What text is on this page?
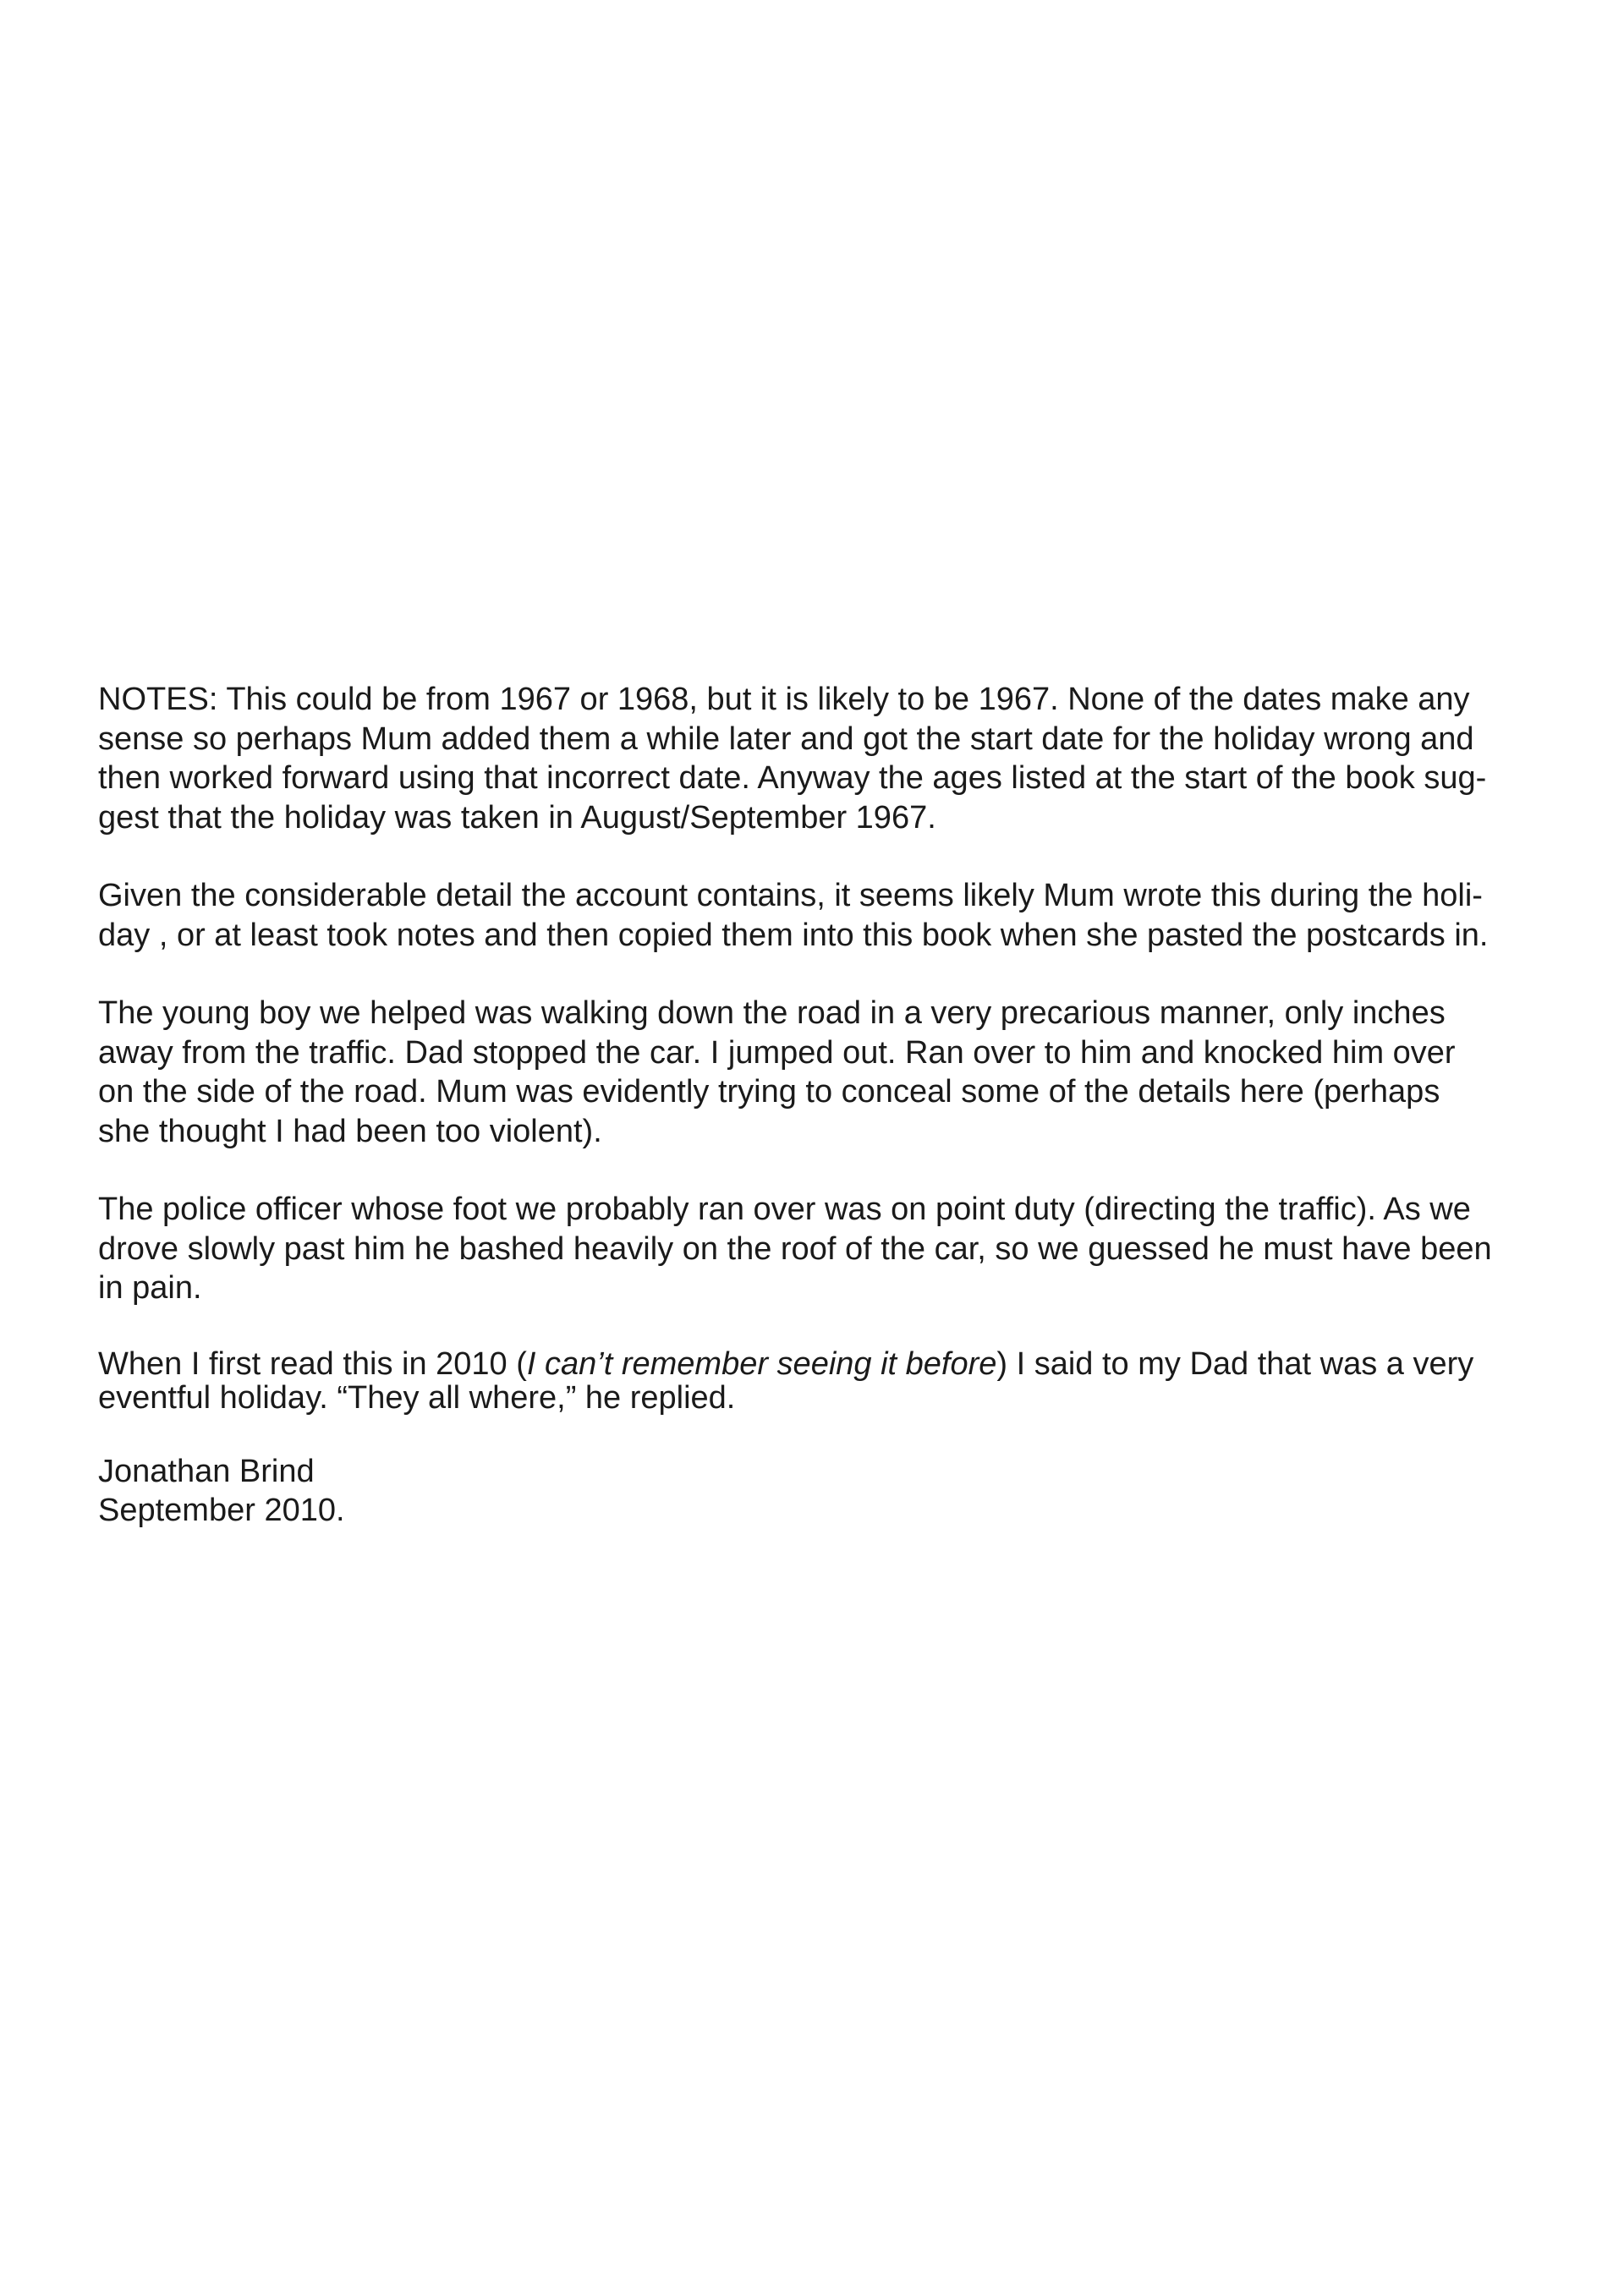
NOTES: This could be from 1967 or 1968, but it is likely to be 1967. None of the dates make any
sense so perhaps Mum added them a while later and got the start date for the holiday wrong and
then worked forward using that incorrect date. Anyway the ages listed at the start of the book sug-
gest that the holiday was taken in August/September 1967.

Given the considerable detail the account contains, it seems likely Mum wrote this during the holi-
day , or at least took notes and then copied them into this book when she pasted the postcards in.

The young boy we helped was walking down the road in a very precarious manner, only inches
away from the traffic. Dad stopped the car. I jumped out. Ran over to him and knocked him over
on the side of the road. Mum was evidently trying to conceal some of the details here (perhaps
she thought I had been too violent).

The police officer whose foot we probably ran over was on point duty (directing the traffic). As we
drove slowly past him he bashed heavily on the roof of the car, so we guessed he must have been
in pain.

When I first read this in 2010 (I can’t remember seeing it before) I said to my Dad that was a very
eventful holiday. “They all where,” he replied.

Jonathan Brind
September 2010.
